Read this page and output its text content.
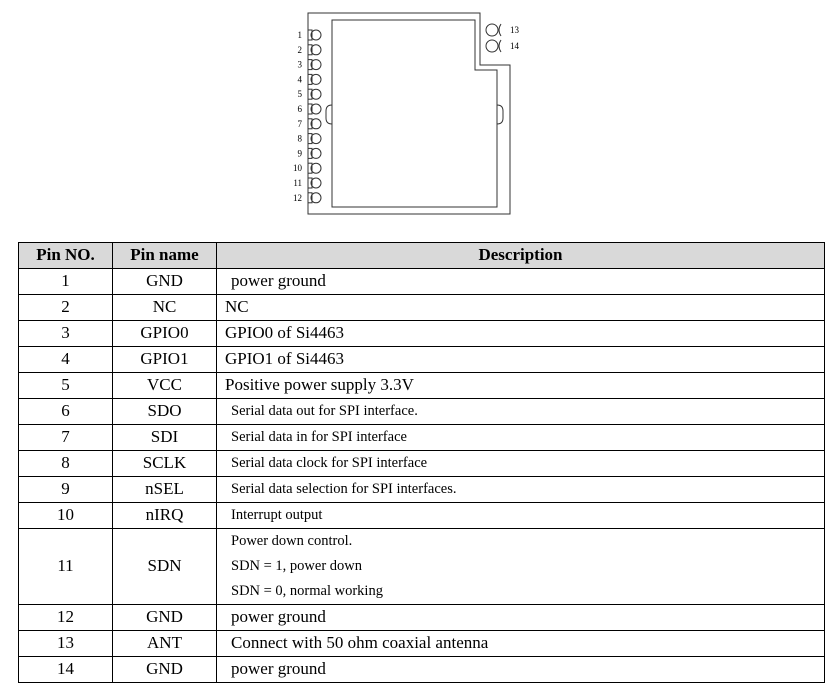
1
2
3
4
5
6
7
8
9
10
11
12
13
14
Pin NO.	Pin name	Description
1	GND	power ground
2	NC	NC
3	GPIO0	GPIO0 of Si4463
4	GPIO1	GPIO1 of Si4463
5	VCC	Positive power supply 3.3V
6	SDO	Serial data out for SPI interface.
7	SDI	Serial data in for SPI interface
8	SCLK	Serial data clock for SPI interface
9	nSEL	Serial data selection for SPI interfaces.
10	nIRQ	Interrupt output
11	SDN	Power down control.
SDN = 1, power down
SDN = 0, normal working

12	GND	power ground
13	ANT	Connect with 50 ohm coaxial antenna
14	GND	power ground
